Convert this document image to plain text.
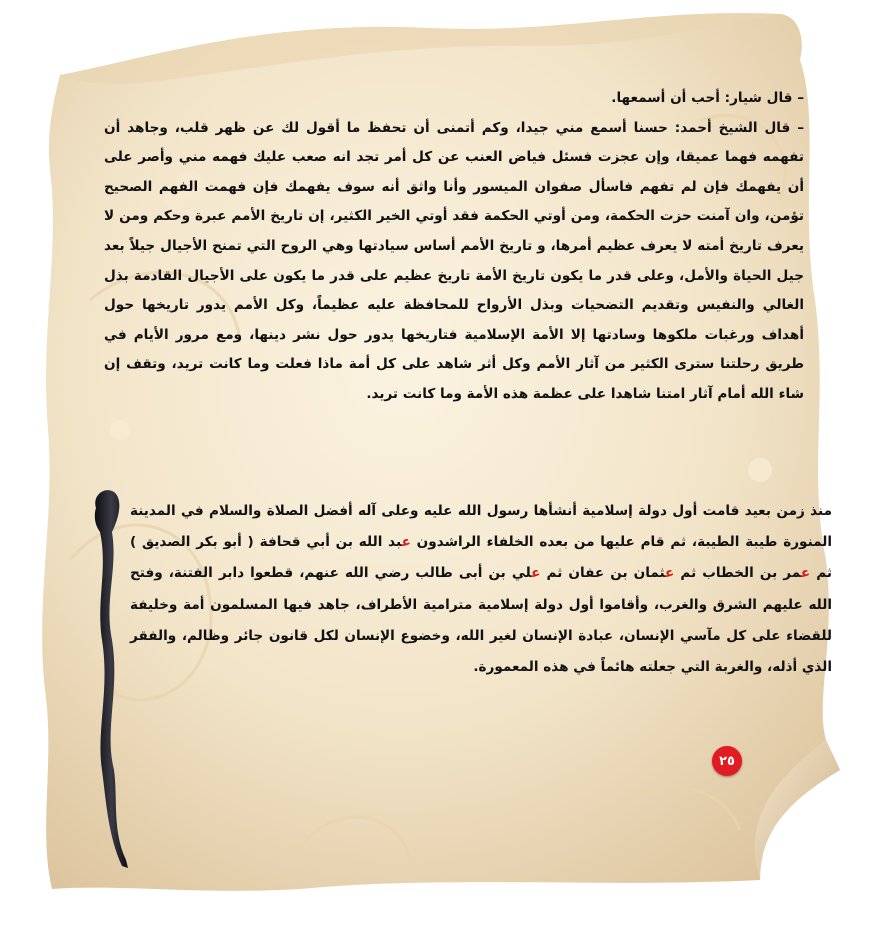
– قال شيار: أحب أن أسمعها.

– قال الشيخ أحمد: حسنا أسمع مني جيدا، وكم أتمنى أن تحفظ ما أقول لك عن ظهر قلب، وجاهد أن تفهمه فهما عميقا، وإن عجزت فسئل فياض العنب عن كل أمر تجد انه صعب عليك فهمه مني وأصر على أن يفهمك فإن لم تفهم فاسأل صفوان الميسور وأنا واثق أنه سوف يفهمك فإن فهمت الفهم الصحيح تؤمن، وان آمنت حزت الحكمة، ومن أوتي الحكمة فقد أوتي الخير الكثير، إن تاريخ الأمم عبرة وحكم ومن لا يعرف تاريخ أمته لا يعرف عظيم أمرها، و تاريخ الأمم أساس سيادتها وهي الروح التي تمنح الأجيال جيلاً بعد جيل الحياة والأمل، وعلى قدر ما يكون تاريخ الأمة تاريخ عظيم على قدر ما يكون على الأجيال القادمة بذل الغالي والنفيس وتقديم التضحيات وبذل الأرواح للمحافظة عليه عظيماً، وكل الأمم يدور تاريخها حول أهداف ورغبات ملكوها وسادتها إلا الأمة الإسلامية فتاريخها يدور حول نشر دينها، ومع مرور الأيام في طريق رحلتنا سترى الكثير من آثار الأمم وكل أثر شاهد على كل أمة ماذا فعلت وما كانت تريد، وتقف إن شاء الله أمام آثار امتنا شاهدا على عظمة هذه الأمة وما كانت تريد.

منذ زمن بعيد قامت أول دولة إسلامية أنشأها رسول الله عليه وعلى آله أفضل الصلاة والسلام في المدينة المنورة طيبة الطيبة، ثم قام عليها من بعده الخلفاء الراشدون عبد الله بن أبي قحافة ( أبو بكر الصديق ) ثم عمر بن الخطاب ثم عثمان بن عفان ثم علي بن أبى طالب رضي الله عنهم، قطعوا دابر الفتنة، وفتح الله عليهم الشرق والغرب، وأقاموا أول دولة إسلامية مترامية الأطراف، جاهد فيها المسلمون أمة وخليفة للقضاء على كل مآسي الإنسان، عبادة الإنسان لغير الله، وخضوع الإنسان لكل قانون جائر وظالم، والفقر الذي أذله، والغربة التي جعلته هائماً في هذه المعمورة.

٢٥
